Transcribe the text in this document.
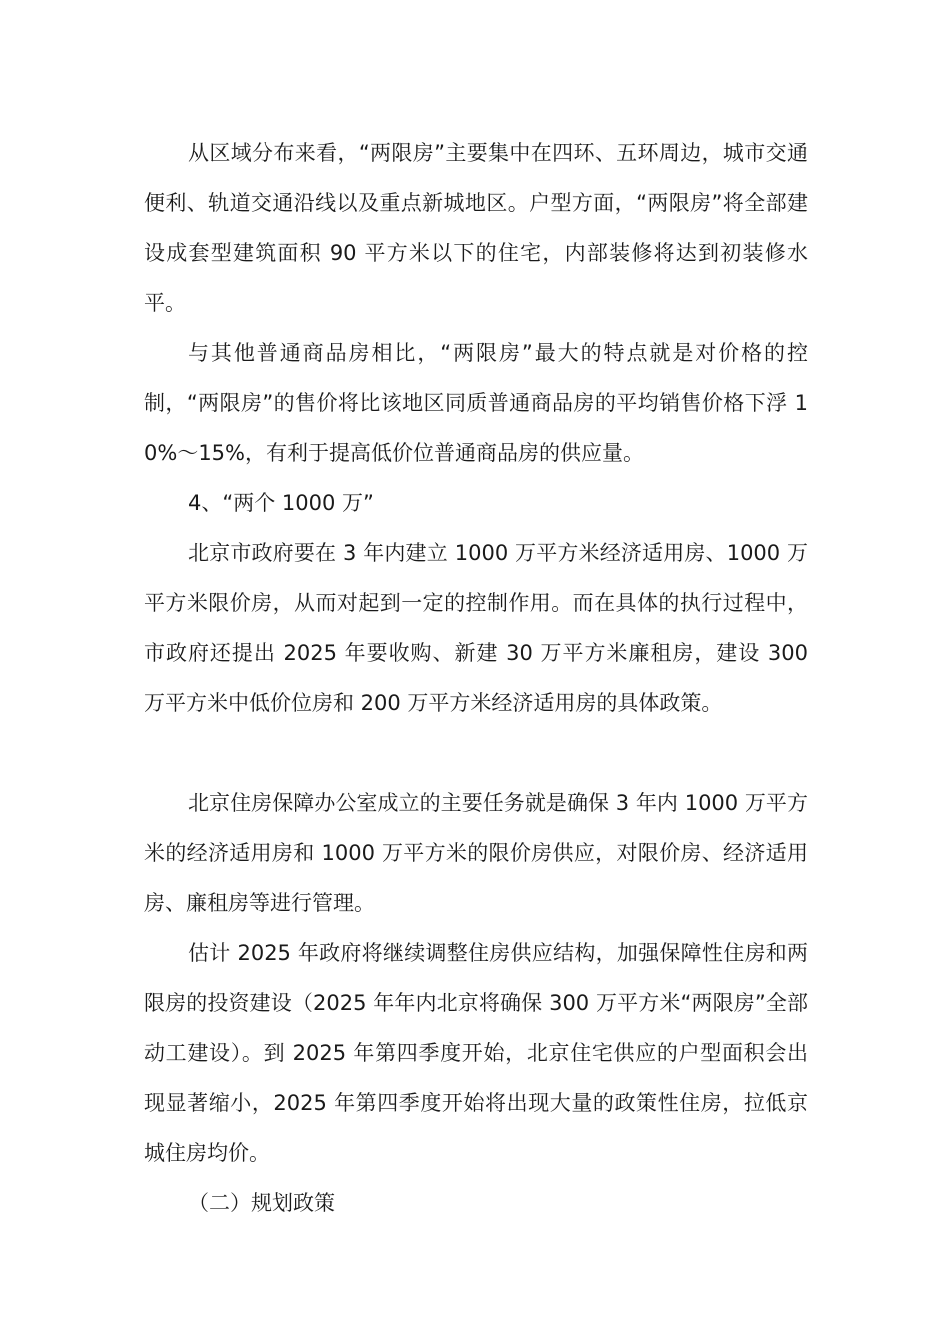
从区域分布来看，“两限房”主要集中在四环、五环周边，城市交通便利、轨道交通沿线以及重点新城地区。户型方面，“两限房”将全部建设成套型建筑面积 90 平方米以下的住宅，内部装修将达到初装修水平。

与其他普通商品房相比，“两限房”最大的特点就是对价格的控制，“两限房”的售价将比该地区同质普通商品房的平均销售价格下浮 10%～15%，有利于提高低价位普通商品房的供应量。

4、“两个 1000 万”

北京市政府要在 3 年内建立 1000 万平方米经济适用房、1000 万平方米限价房，从而对起到一定的控制作用。而在具体的执行过程中，市政府还提出 2025 年要收购、新建 30 万平方米廉租房，建设 300 万平方米中低价位房和 200 万平方米经济适用房的具体政策。

北京住房保障办公室成立的主要任务就是确保 3 年内 1000 万平方米的经济适用房和 1000 万平方米的限价房供应，对限价房、经济适用房、廉租房等进行管理。

估计 2025 年政府将继续调整住房供应结构，加强保障性住房和两限房的投资建设（2025 年年内北京将确保 300 万平方米“两限房”全部动工建设）。到 2025 年第四季度开始，北京住宅供应的户型面积会出现显著缩小，2025 年第四季度开始将出现大量的政策性住房，拉低京城住房均价。

（二）规划政策
